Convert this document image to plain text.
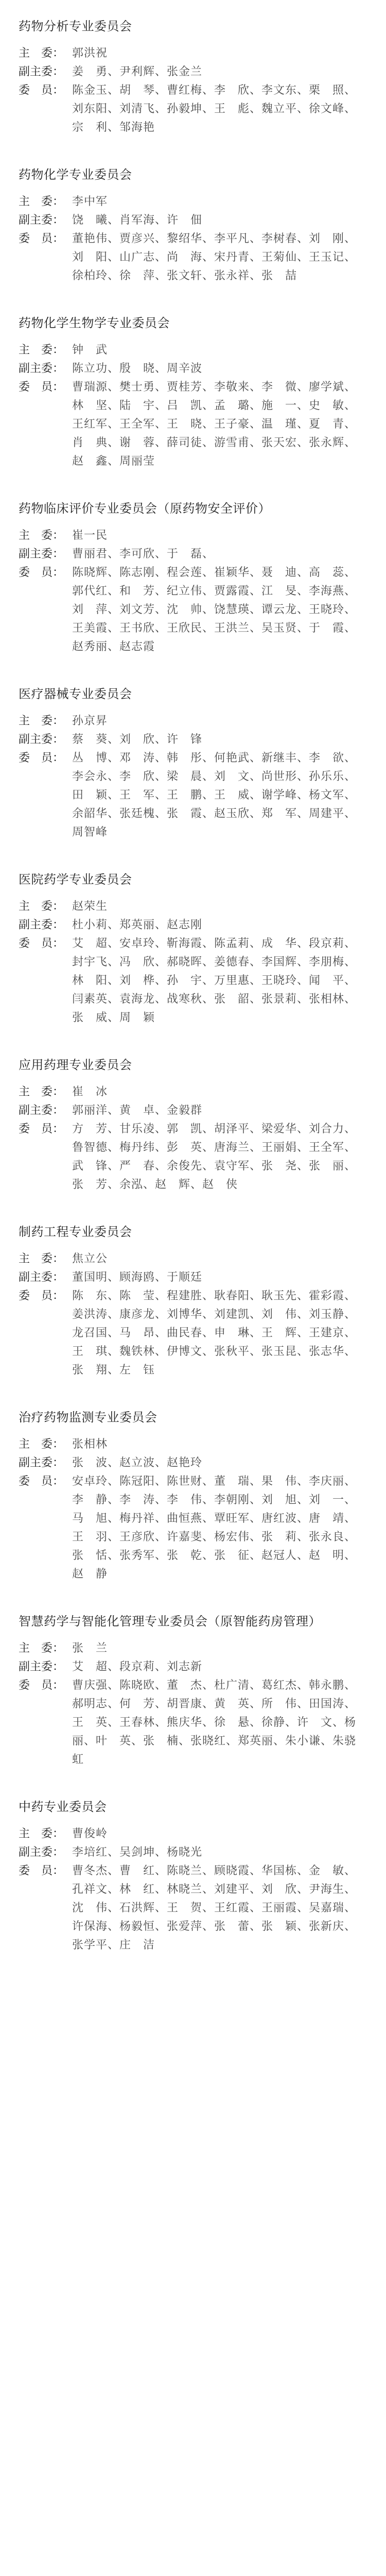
药物分析专业委员会
主　委： 郭洪祝
副主委： 姜　勇、尹利辉、张金兰
委　员： 陈金玉、胡　琴、曹红梅、李　欣、李文东、栗　照、刘东阳、刘清飞、孙毅坤、王　彪、魏立平、徐文峰、宗　利、邹海艳
药物化学专业委员会
主　委： 李中军
副主委： 饶　曦、肖军海、许　佃
委　员： 董艳伟、贾彦兴、黎绍华、李平凡、李树春、刘　刚、刘　阳、山广志、尚　海、宋丹青、王菊仙、王玉记、徐柏玲、徐　萍、张文轩、张永祥、张　喆
药物化学生物学专业委员会
主　委： 钟　武
副主委： 陈立功、殷　晓、周辛波
委　员： 曹瑞源、樊士勇、贾桂芳、李敬来、李　微、廖学斌、林　坚、陆　宇、吕　凯、孟　璐、施　一、史　敏、王红军、王全军、王　晓、王子豪、温　瑾、夏　青、肖　典、谢　蓉、薛司徒、游雪甫、张天宏、张永辉、赵　鑫、周丽莹
药物临床评价专业委员会（原药物安全评价）
主　委： 崔一民
副主委： 曹丽君、李可欣、于　磊、
委　员： 陈晓辉、陈志刚、程会莲、崔颖华、聂　迪、高　蕊、郭代红、和　芳、纪立伟、贾露霞、江　旻、李海燕、刘　萍、刘文芳、沈　帅、饶慧瑛、谭云龙、王晓玲、王美霞、王书欣、王欣民、王洪兰、吴玉贤、于　霞、赵秀丽、赵志霞
医疗器械专业委员会
主　委： 孙京昇
副主委： 蔡　葵、刘　欣、许　锋
委　员： 丛　博、邓　涛、韩　彤、何艳武、新继丰、李　欲、李会永、李　欣、梁　晨、刘　文、尚世形、孙乐乐、田　颖、王　军、王　鹏、王　威、谢学峰、杨文军、余韶华、张廷槐、张　霞、赵玉欣、郑　军、周建平、周智峰
医院药学专业委员会
主　委： 赵荣生
副主委： 杜小莉、郑英丽、赵志刚
委　员： 艾　超、安卓玲、靳海霞、陈孟莉、成　华、段京莉、封宇飞、冯　欣、郝晓晖、姜德春、李国辉、李朋梅、林　阳、刘　桦、孙　宇、万里惠、王晓玲、闻　平、闫素英、袁海龙、战寒秋、张　韶、张景莉、张相林、张　威、周　颖
应用药理专业委员会
主　委： 崔　冰
副主委： 郭丽洋、黄　卓、金毅群
委　员： 方　芳、甘乐凌、郭　凯、胡泽平、梁爱华、刘合力、鲁智德、梅丹纬、彭　英、唐海兰、王丽娟、王全军、武　锋、严　春、余俊先、袁守军、张　尧、张　丽、张　芳、余泓、赵　辉、赵　侠
制药工程专业委员会
主　委： 焦立公
副主委： 董国明、顾海鸥、于顺廷
委　员： 陈　东、陈　莹、程建胜、耿春阳、耿玉先、霍彩霞、姜洪涛、康彦龙、刘博华、刘建凯、刘　伟、刘玉静、龙召国、马　昂、曲民春、申　琳、王　辉、王建京、王　琪、魏铁林、伊博文、张秋平、张玉昆、张志华、张　翔、左　钰
治疗药物监测专业委员会
主　委： 张相林
副主委： 张　波、赵立波、赵艳玲
委　员： 安卓玲、陈冠阳、陈世财、董　瑞、果　伟、李庆丽、李　静、李　涛、李　伟、李朝刚、刘　旭、刘　一、马　旭、梅丹祥、曲恒燕、覃旺军、唐红波、唐　靖、王　羽、王彦欣、许嘉斐、杨宏伟、张　莉、张永良、张　恬、张秀军、张　乾、张　征、赵冠人、赵　明、赵　静
智慧药学与智能化管理专业委员会（原智能药房管理）
主　委： 张　兰
副主委： 艾　超、段京莉、刘志新
委　员： 曹庆强、陈晓欧、董　杰、杜广清、葛红杰、韩永鹏、郝明志、何　芳、胡晋康、黄　英、所　伟、田国涛、王　英、王春林、熊庆华、徐　悬、徐静、许　文、杨丽、叶　英、张　楠、张晓红、郑英丽、朱小谦、朱骁虹
中药专业委员会
主　委： 曹俊岭
副主委： 李培红、吴剑坤、杨晓光
委　员： 曹冬杰、曹　红、陈晓兰、顾晓霞、华国栋、金　敏、孔祥文、林　红、林晓兰、刘建平、刘　欣、尹海生、沈　伟、石洪辉、王　贺、王红霞、王丽霞、吴嘉瑞、许保海、杨毅恒、张爱萍、张　蕾、张　颖、张新庆、张学平、庄　洁
